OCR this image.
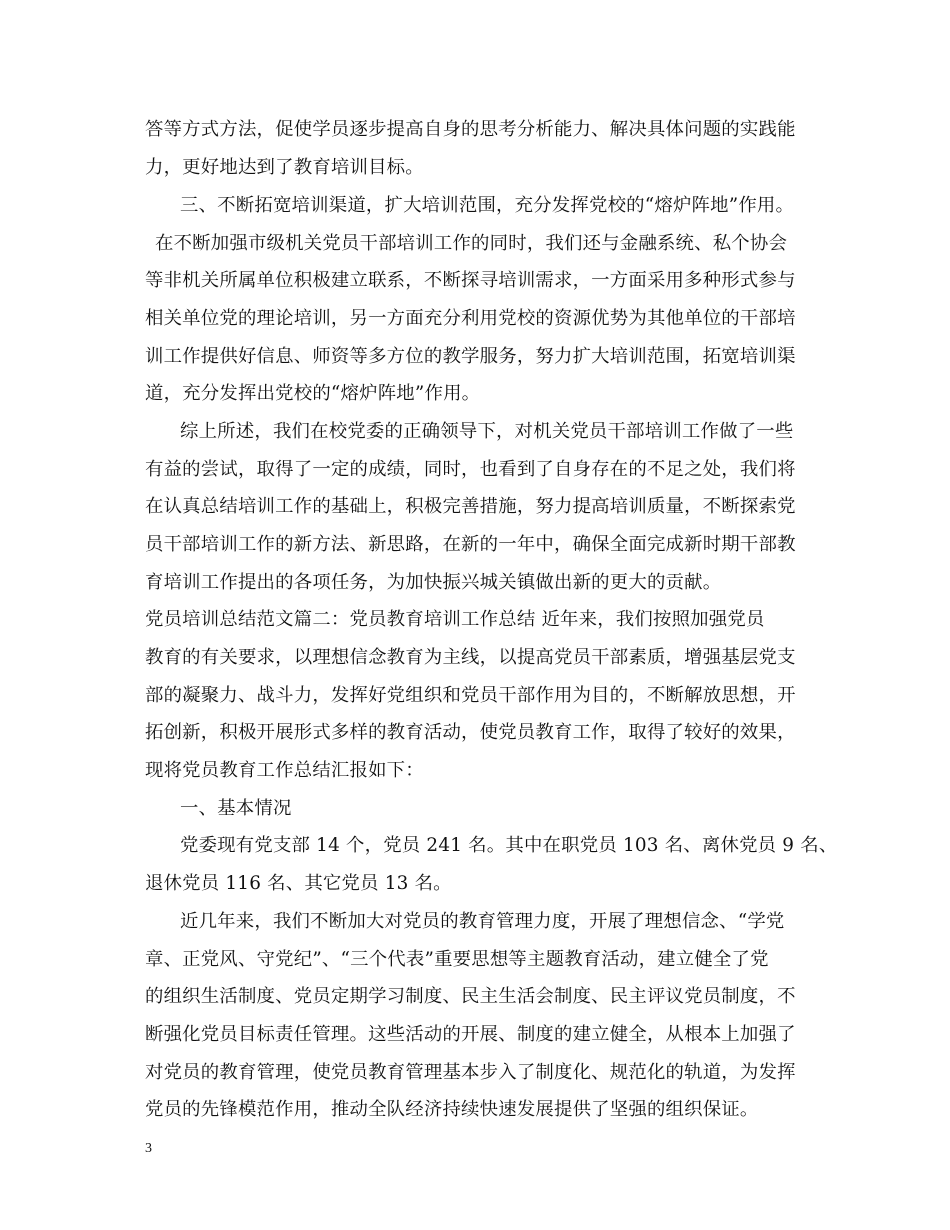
答等方式方法，促使学员逐步提高自身的思考分析能力、解决具体问题的实践能
力，更好地达到了教育培训目标。
三、不断拓宽培训渠道，扩大培训范围，充分发挥党校的“熔炉阵地”作用。
在不断加强市级机关党员干部培训工作的同时，我们还与金融系统、私个协会
等非机关所属单位积极建立联系，不断探寻培训需求，一方面采用多种形式参与
相关单位党的理论培训，另一方面充分利用党校的资源优势为其他单位的干部培
训工作提供好信息、师资等多方位的教学服务，努力扩大培训范围，拓宽培训渠
道，充分发挥出党校的“熔炉阵地”作用。
综上所述，我们在校党委的正确领导下，对机关党员干部培训工作做了一些
有益的尝试，取得了一定的成绩，同时，也看到了自身存在的不足之处，我们将
在认真总结培训工作的基础上，积极完善措施，努力提高培训质量，不断探索党
员干部培训工作的新方法、新思路，在新的一年中，确保全面完成新时期干部教
育培训工作提出的各项任务，为加快振兴城关镇做出新的更大的贡献。
党员培训总结范文篇二：党员教育培训工作总结 近年来，我们按照加强党员
教育的有关要求，以理想信念教育为主线，以提高党员干部素质，增强基层党支
部的凝聚力、战斗力，发挥好党组织和党员干部作用为目的，不断解放思想，开
拓创新，积极开展形式多样的教育活动，使党员教育工作，取得了较好的效果，
现将党员教育工作总结汇报如下：
一、基本情况
党委现有党支部 14 个，党员 241 名。其中在职党员 103 名、离休党员 9 名、
退休党员 116 名、其它党员 13 名。
近几年来，我们不断加大对党员的教育管理力度，开展了理想信念、“学党
章、正党风、守党纪”、“三个代表”重要思想等主题教育活动，建立健全了党
的组织生活制度、党员定期学习制度、民主生活会制度、民主评议党员制度，不
断强化党员目标责任管理。这些活动的开展、制度的建立健全，从根本上加强了
对党员的教育管理，使党员教育管理基本步入了制度化、规范化的轨道，为发挥
党员的先锋模范作用，推动全队经济持续快速发展提供了坚强的组织保证。
3
